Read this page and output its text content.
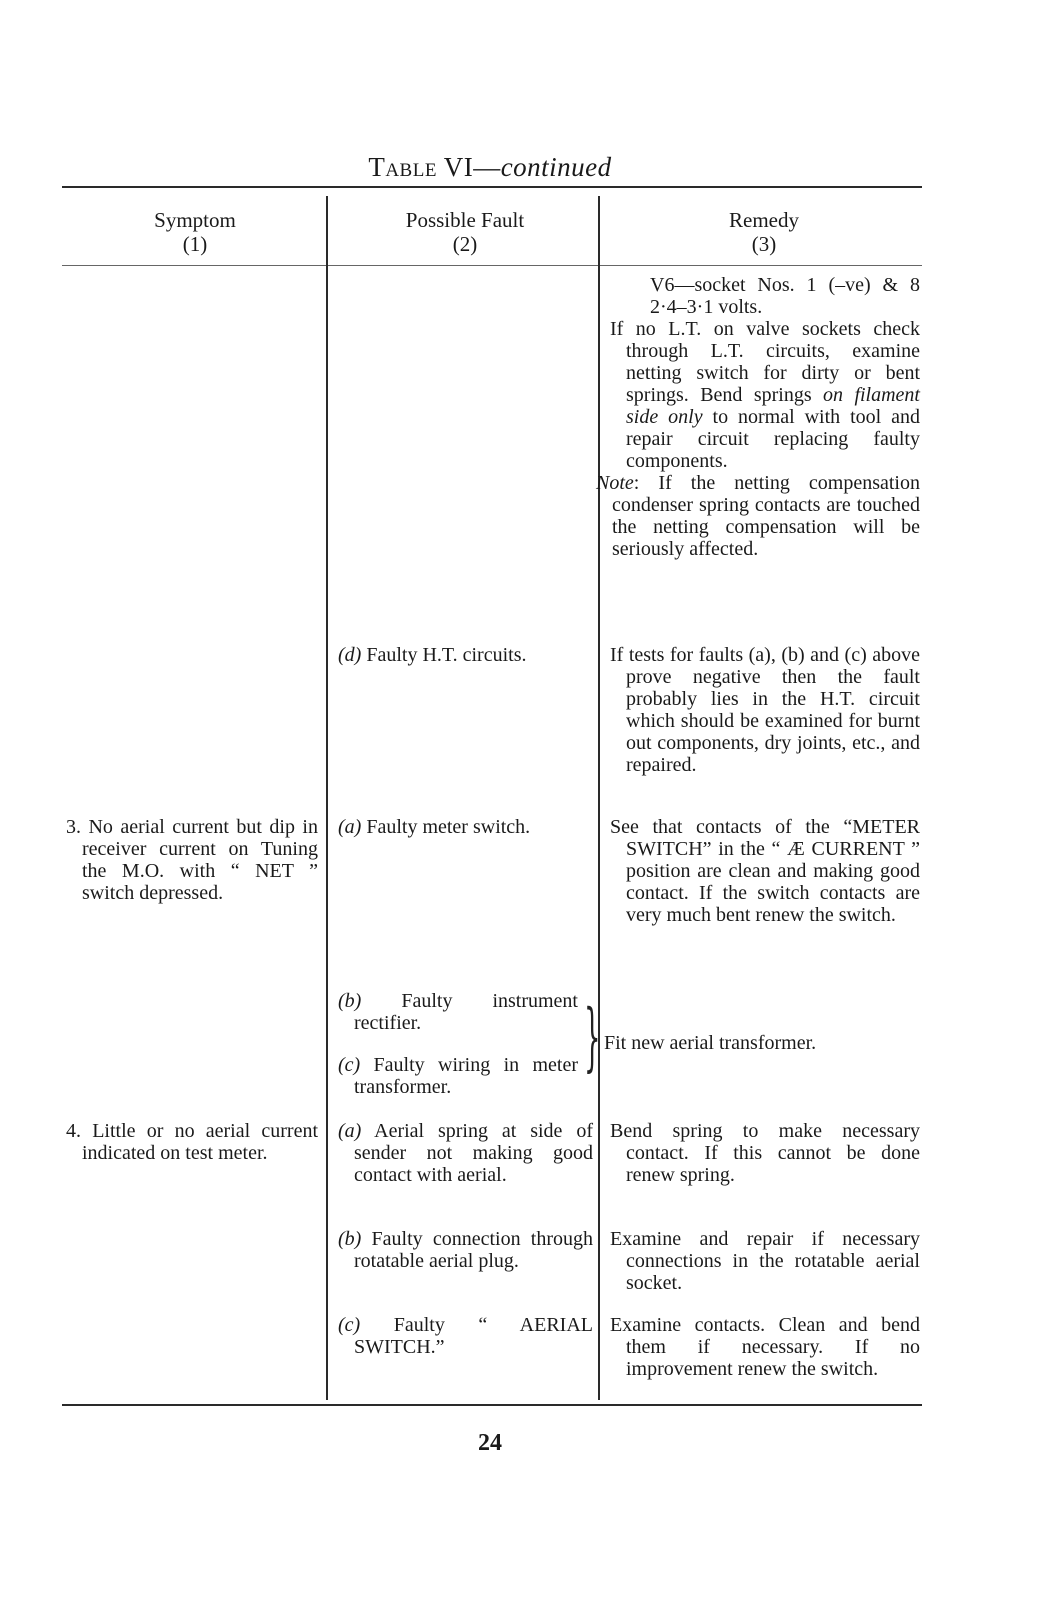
Table VI—continued
Symptom
(1)
Possible Fault
(2)
Remedy
(3)

V6—socket Nos. 1 (–ve) & 8 2·4–3·1 volts.

If no L.T. on valve sockets check through L.T. circuits, examine netting switch for dirty or bent springs. Bend springs on filament side only to normal with tool and repair circuit replacing faulty components.

Note: If the netting compensation condenser spring contacts are touched the netting compensation will be seriously affected.

(d) Faulty H.T. circuits.	If tests for faults (a), (b) and (c) above prove negative then the fault probably lies in the H.T. circuit which should be examined for burnt out components, dry joints, etc., and repaired.

3. No aerial current but dip in receiver current on Tuning the M.O. with “ NET ” switch depressed.

(a) Faulty meter switch.	See that contacts of the “METER SWITCH” in the “ Æ CURRENT ” position are clean and making good contact. If the switch contacts are very much bent renew the switch.

(b) Faulty instrument rectifier.

(c) Faulty wiring in meter transformer.

} Fit new aerial transformer.

4. Little or no aerial current indicated on test meter.

(a) Aerial spring at side of sender not making good contact with aerial.

Bend spring to make necessary contact. If this cannot be done renew spring.

(b) Faulty connection through rotatable aerial plug.

Examine and repair if necessary connections in the rotatable aerial socket.

(c) Faulty “ AERIAL SWITCH.”

Examine contacts. Clean and bend them if necessary. If no improvement renew the switch.

24
